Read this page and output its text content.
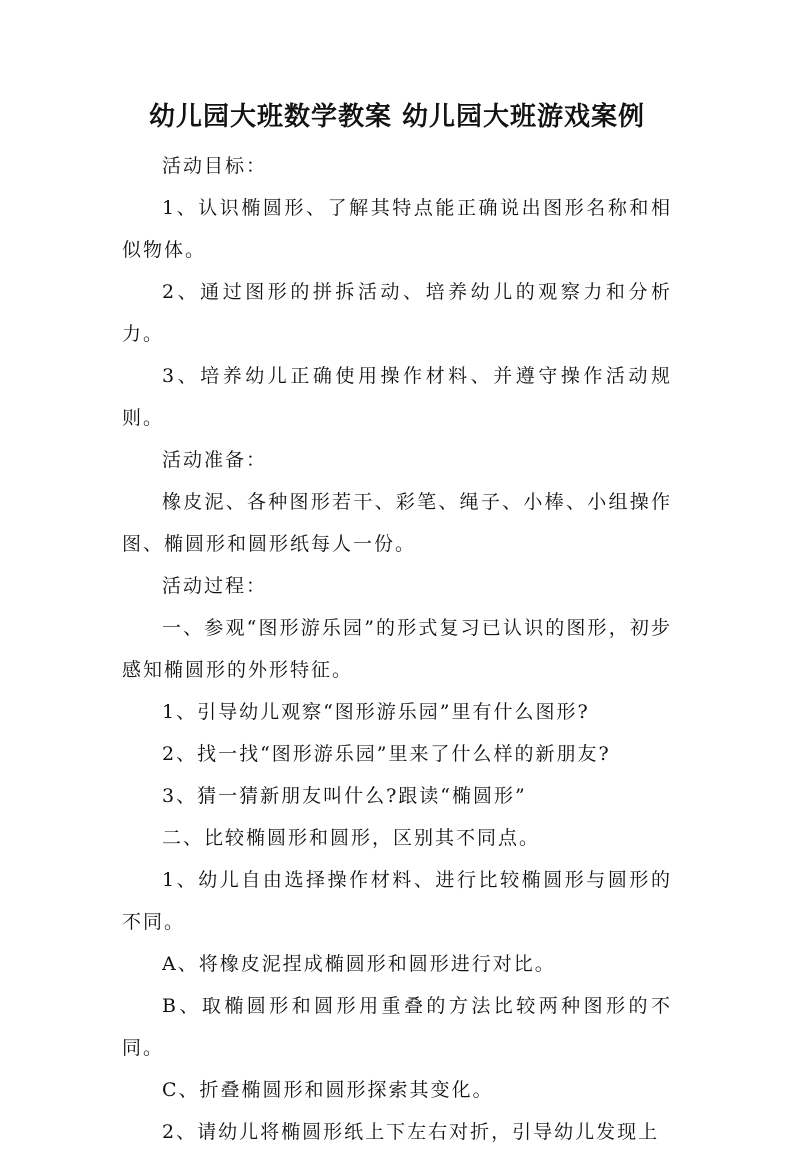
幼儿园大班数学教案 幼儿园大班游戏案例

活动目标：

1、认识椭圆形、了解其特点能正确说出图形名称和相似物体。

2、通过图形的拼拆活动、培养幼儿的观察力和分析力。

3、培养幼儿正确使用操作材料、并遵守操作活动规则。

活动准备：

橡皮泥、各种图形若干、彩笔、绳子、小棒、小组操作图、椭圆形和圆形纸每人一份。

活动过程：

一、参观“图形游乐园”的形式复习已认识的图形，初步感知椭圆形的外形特征。

1、引导幼儿观察“图形游乐园”里有什么图形?

2、找一找“图形游乐园”里来了什么样的新朋友?

3、猜一猜新朋友叫什么?跟读“椭圆形”

二、比较椭圆形和圆形，区别其不同点。

1、幼儿自由选择操作材料、进行比较椭圆形与圆形的不同。

A、将橡皮泥捏成椭圆形和圆形进行对比。

B、取椭圆形和圆形用重叠的方法比较两种图形的不同。

C、折叠椭圆形和圆形探索其变化。

2、请幼儿将椭圆形纸上下左右对折，引导幼儿发现上
